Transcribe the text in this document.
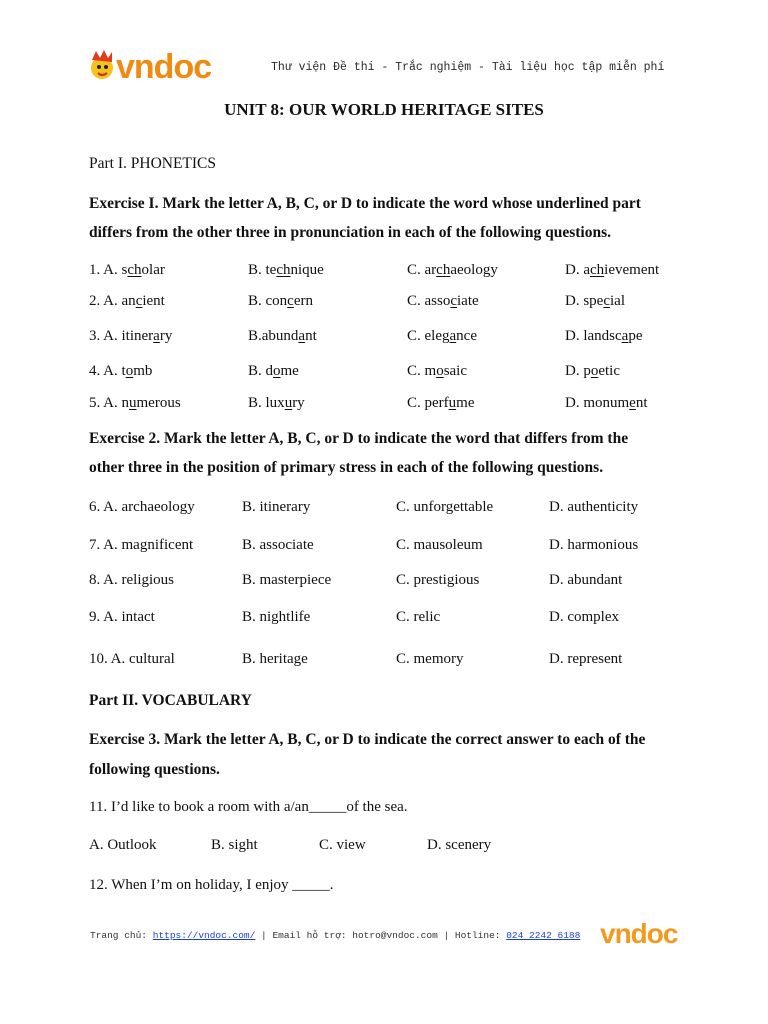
vndoc	Thư viện Đề thi - Trắc nghiệm - Tài liệu học tập miễn phí
UNIT 8: OUR WORLD HERITAGE SITES
Part I. PHONETICS
Exercise I. Mark the letter A, B, C, or D to indicate the word whose underlined part
differs from the other three in pronunciation in each of the following questions.
1. A. scholar	B. technique	C. archaeology	D. achievement
2. A. ancient	B. concern	C. associate	D. special
3. A. itinerary	B.abundant	C. elegance	D. landscape
4. A. tomb	B. dome	C. mosaic	D. poetic
5. A. numerous	B. luxury	C. perfume	D. monument
Exercise 2. Mark the letter A, B, C, or D to indicate the word that differs from the
other three in the position of primary stress in each of the following questions.
6. A. archaeology	B. itinerary	C. unforgettable	D. authenticity
7. A. magnificent	B. associate	C. mausoleum	D. harmonious
8. A. religious	B. masterpiece	C. prestigious	D. abundant
9. A. intact	B. nightlife	C. relic	D. complex
10. A. cultural	B. heritage	C. memory	D. represent
Part II. VOCABULARY
Exercise 3. Mark the letter A, B, C, or D to indicate the correct answer to each of the
following questions.
11. I’d like to book a room with a/an_____of the sea.
A. Outlook	B. sight	C. view	D. scenery
12. When I’m on holiday, I enjoy _____.
Trang chủ: https://vndoc.com/ | Email hỗ trợ: hotro@vndoc.com | Hotline: 024 2242 6188 vndoc
